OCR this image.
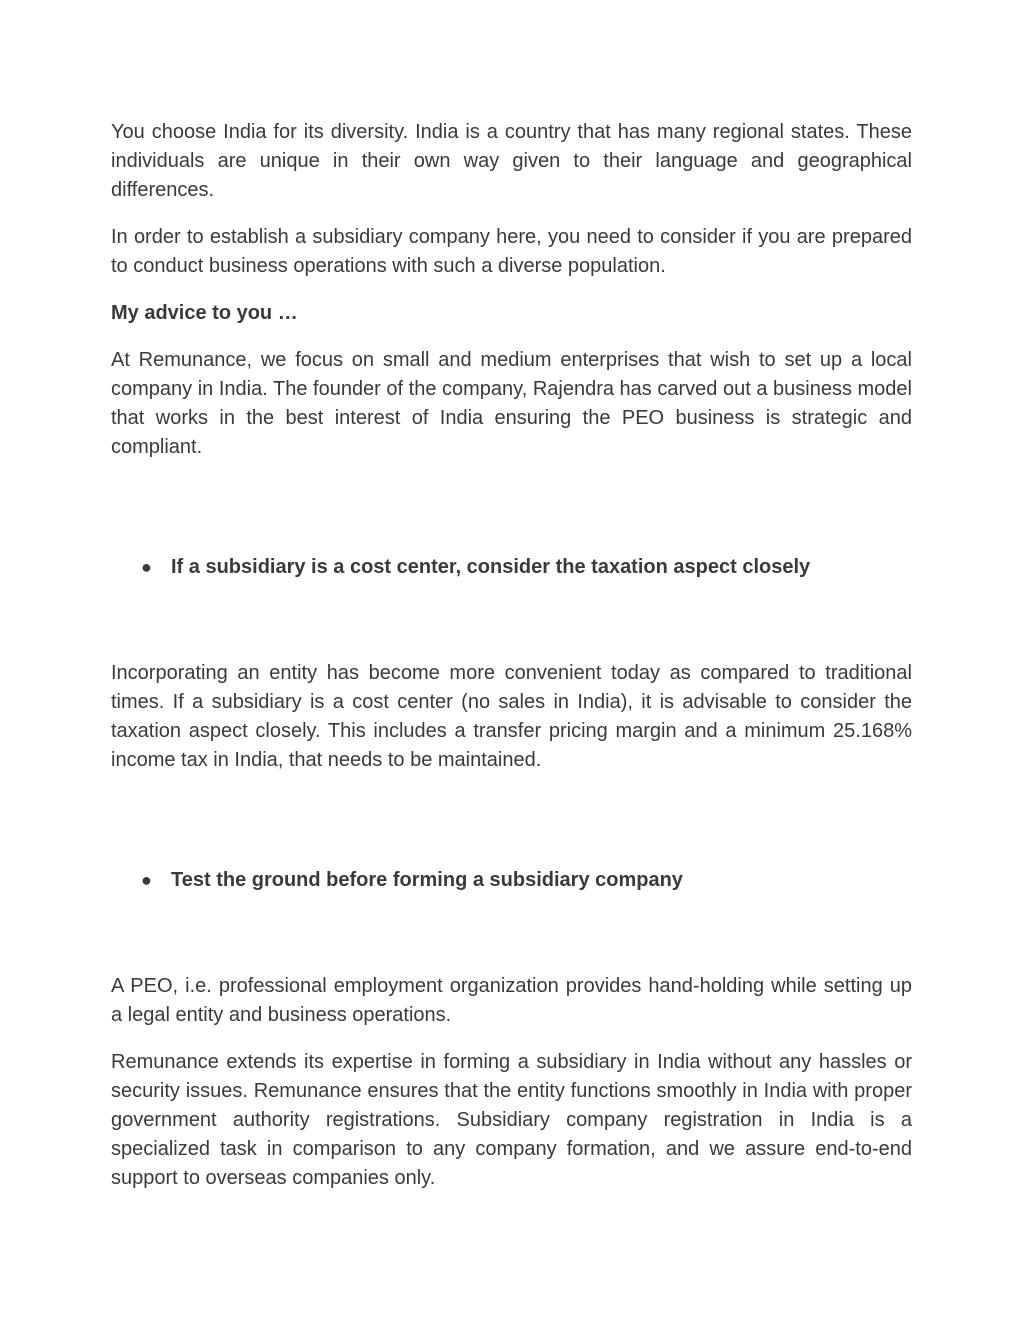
You choose India for its diversity. India is a country that has many regional states. These individuals are unique in their own way given to their language and geographical differences.

In order to establish a subsidiary company here, you need to consider if you are prepared to conduct business operations with such a diverse population.

My advice to you …

At Remunance, we focus on small and medium enterprises that wish to set up a local company in India. The founder of the company, Rajendra has carved out a business model that works in the best interest of India ensuring the PEO business is strategic and compliant.

● If a subsidiary is a cost center, consider the taxation aspect closely

Incorporating an entity has become more convenient today as compared to traditional times. If a subsidiary is a cost center (no sales in India), it is advisable to consider the taxation aspect closely. This includes a transfer pricing margin and a minimum 25.168% income tax in India, that needs to be maintained.

● Test the ground before forming a subsidiary company

A PEO, i.e. professional employment organization provides hand-holding while setting up a legal entity and business operations.

Remunance extends its expertise in forming a subsidiary in India without any hassles or security issues. Remunance ensures that the entity functions smoothly in India with proper government authority registrations. Subsidiary company registration in India is a specialized task in comparison to any company formation, and we assure end-to-end support to overseas companies only.
